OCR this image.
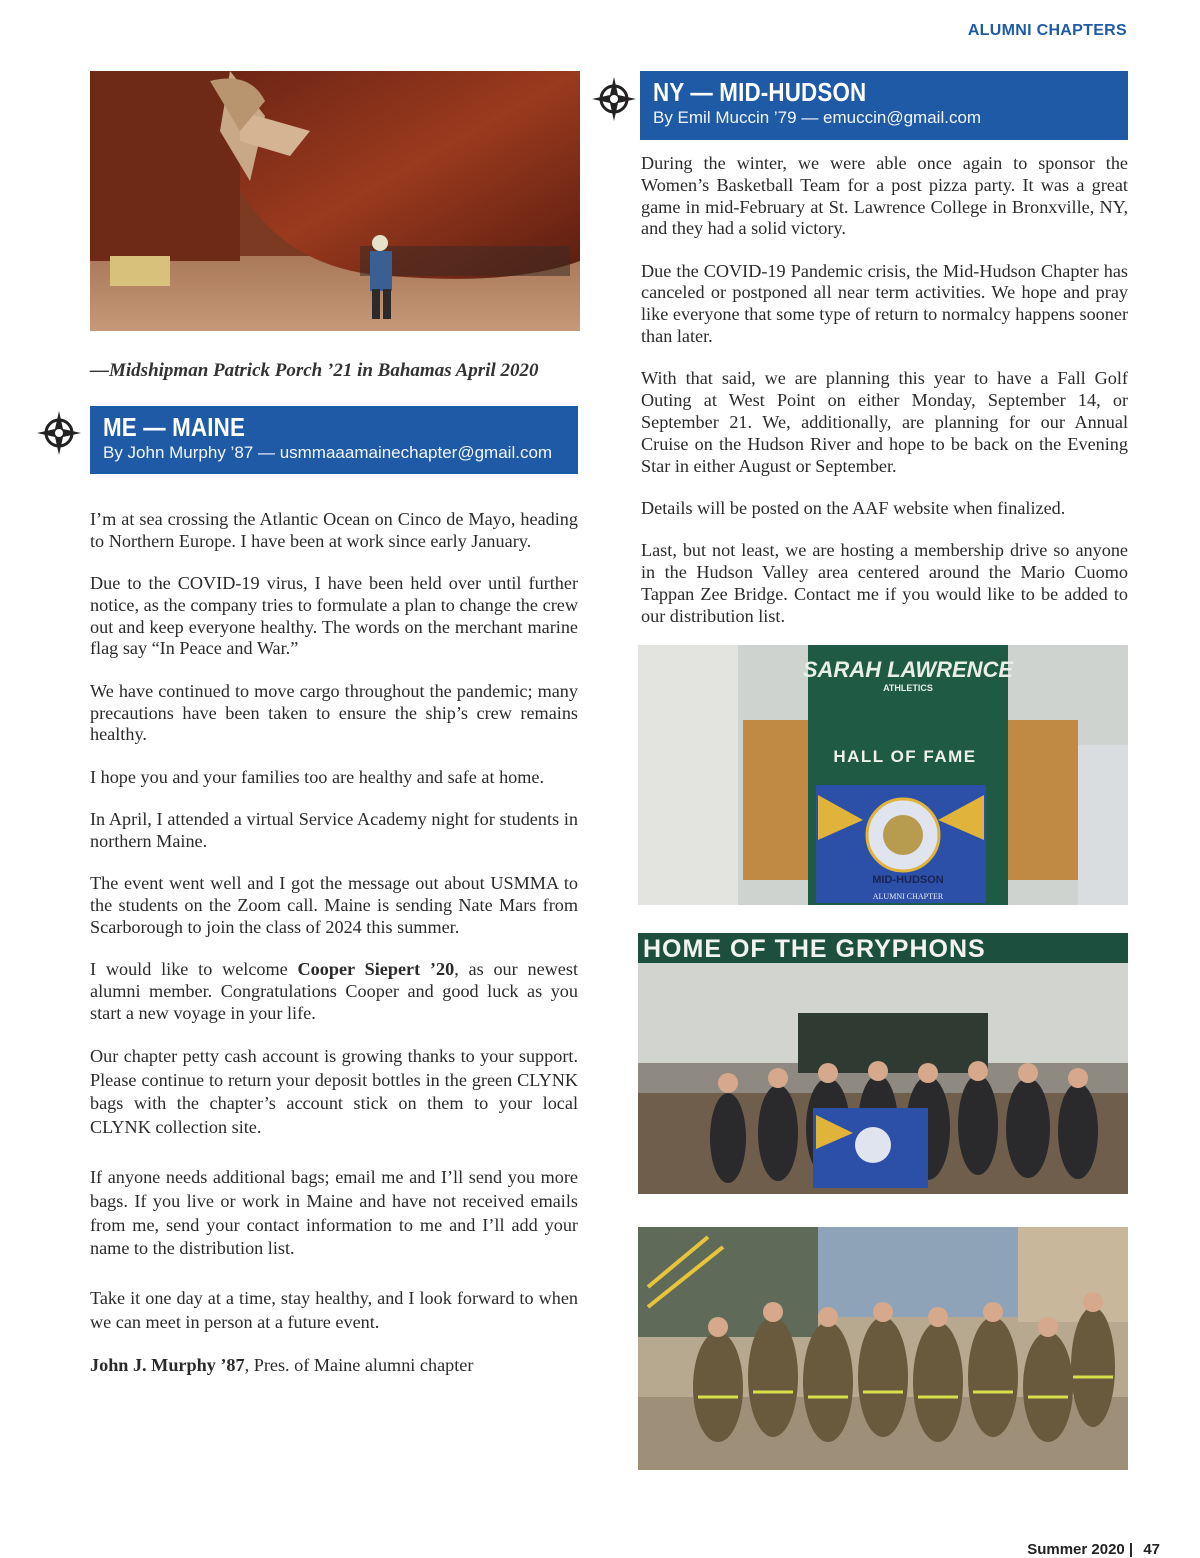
ALUMNI CHAPTERS
—Midshipman Patrick Porch ’21 in Bahamas April 2020
ME — MAINE
By John Murphy ’87 — usmmaaamainechapter@gmail.com

I’m at sea crossing the Atlantic Ocean on Cinco de Mayo, heading to Northern Europe. I have been at work since early January.

Due to the COVID-19 virus, I have been held over until further notice, as the company tries to formulate a plan to change the crew out and keep everyone healthy. The words on the merchant marine flag say “In Peace and War.”

We have continued to move cargo throughout the pandemic; many precautions have been taken to ensure the ship’s crew remains healthy.

I hope you and your families too are healthy and safe at home.

In April, I attended a virtual Service Academy night for students in northern Maine.

The event went well and I got the message out about USMMA to the students on the Zoom call. Maine is sending Nate Mars from Scarborough to join the class of 2024 this summer.

I would like to welcome Cooper Siepert ’20, as our newest alumni member. Congratulations Cooper and good luck as you start a new voyage in your life.

Our chapter petty cash account is growing thanks to your support. Please continue to return your deposit bottles in the green CLYNK bags with the chapter’s account stick on them to your local CLYNK collection site.

If anyone needs additional bags; email me and I’ll send you more bags. If you live or work in Maine and have not received emails from me, send your contact information to me and I’ll add your name to the distribution list.

Take it one day at a time, stay healthy, and I look forward to when we can meet in person at a future event.

John J. Murphy ’87, Pres. of Maine alumni chapter

NY — MID-HUDSON
By Emil Muccin ’79 — emuccin@gmail.com

During the winter, we were able once again to sponsor the Women’s Basketball Team for a post pizza party. It was a great game in mid-February at St. Lawrence College in Bronxville, NY, and they had a solid victory.

Due the COVID-19 Pandemic crisis, the Mid-Hudson Chapter has canceled or postponed all near term activities. We hope and pray like everyone that some type of return to normalcy happens sooner than later.

With that said, we are planning this year to have a Fall Golf Outing at West Point on either Monday, September 14, or September 21. We, additionally, are planning for our Annual Cruise on the Hudson River and hope to be back on the Evening Star in either August or September.

Details will be posted on the AAF website when finalized.

Last, but not least, we are hosting a membership drive so anyone in the Hudson Valley area centered around the Mario Cuomo Tappan Zee Bridge. Contact me if you would like to be added to our distribution list.

SARAH LAWRENCE
ATHLETICS
HALL OF FAME
MID-HUDSON
ALUMNI CHAPTER
HOME OF THE GRYPHONS
Summer 2020 | 47
